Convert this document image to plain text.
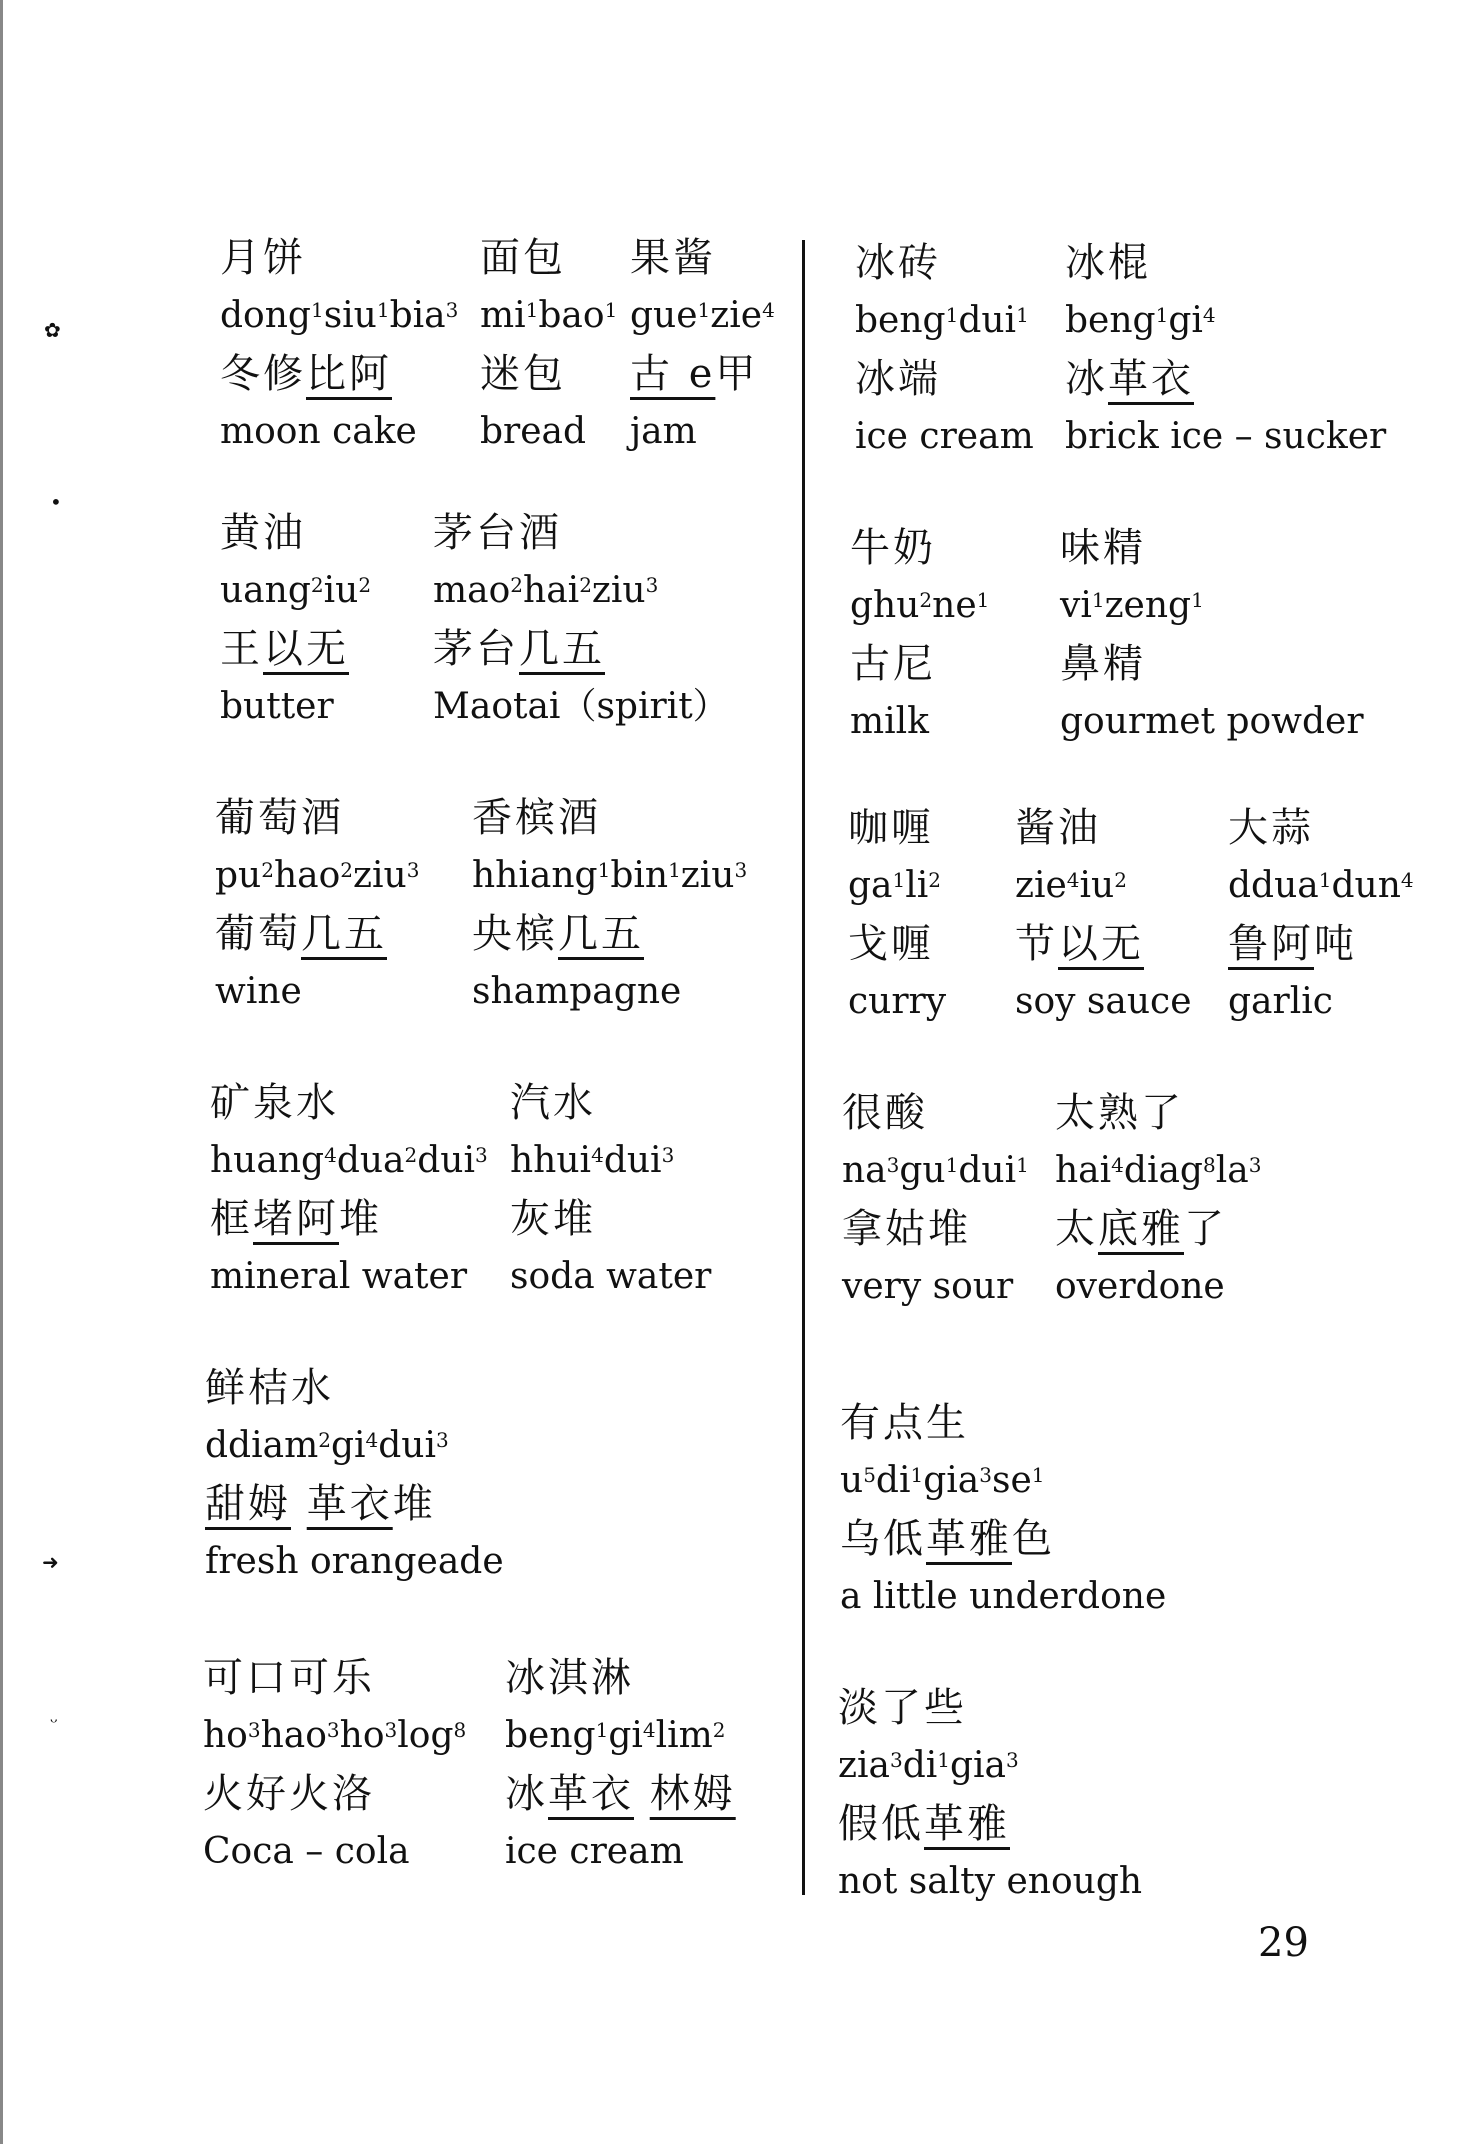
✿
•
➜
ᵕ
月饼
dong$^1$siu$^1$bia$^3$
冬修比阿
moon cake
面包
$mi^1bao^1$
迷包
bread
果酱
gue$^1$zie$^4$
古 e甲
jam
黄油
$uang^2iu^2$
王以无
butter
茅台酒
mao$^2$hai$^2$ziu$^3$
茅台几五
Maotai（spirit）
葡萄酒
$pu^2hao^2ziu^3$
葡萄几五
wine
香槟酒
hhiang$^1$bin$^1$ziu$^3$
央槟几五
shampagne
矿泉水
huang$^4$dua$^2$dui$^3$
框堵阿堆
mineral water
汽水
hhui$^4$dui$^3$
灰堆
soda water
鲜桔水
$ddiam^2gi^4dui^3$
甜姆 革衣堆
fresh orangeade
可口可乐
$ho^3hao^3ho^3\log^8$
火好火洛
Coca – cola
冰淇淋
$beng^1gi^4\lim^2$
冰革衣 林姆
ice cream
冰砖
beng$^1$dui$^1$
冰端
ice cream
冰棍
$beng^1gi^4$
冰革衣
brick ice – sucker
牛奶
$ghu^2ne^1$
古尼
milk
味精
$vi^1zeng^1$
鼻精
gourmet powder
咖喱
$ga^1li^2$
戈喱
curry
酱油
$zie^4iu^2$
节以无
soy sauce
大蒜
ddua$^1$dun$^4$
鲁阿吨
garlic
很酸
$na^3gu^1dui^1$
拿姑堆
very sour
太熟了
$hai^4diag^8la^3$
太底雅了
overdone
有点生
$u^5di^1gia^3se^1$
乌低革雅色
a little underdone
淡了些
$zia^3di^1gia^3$
假低革雅
not salty enough
29
